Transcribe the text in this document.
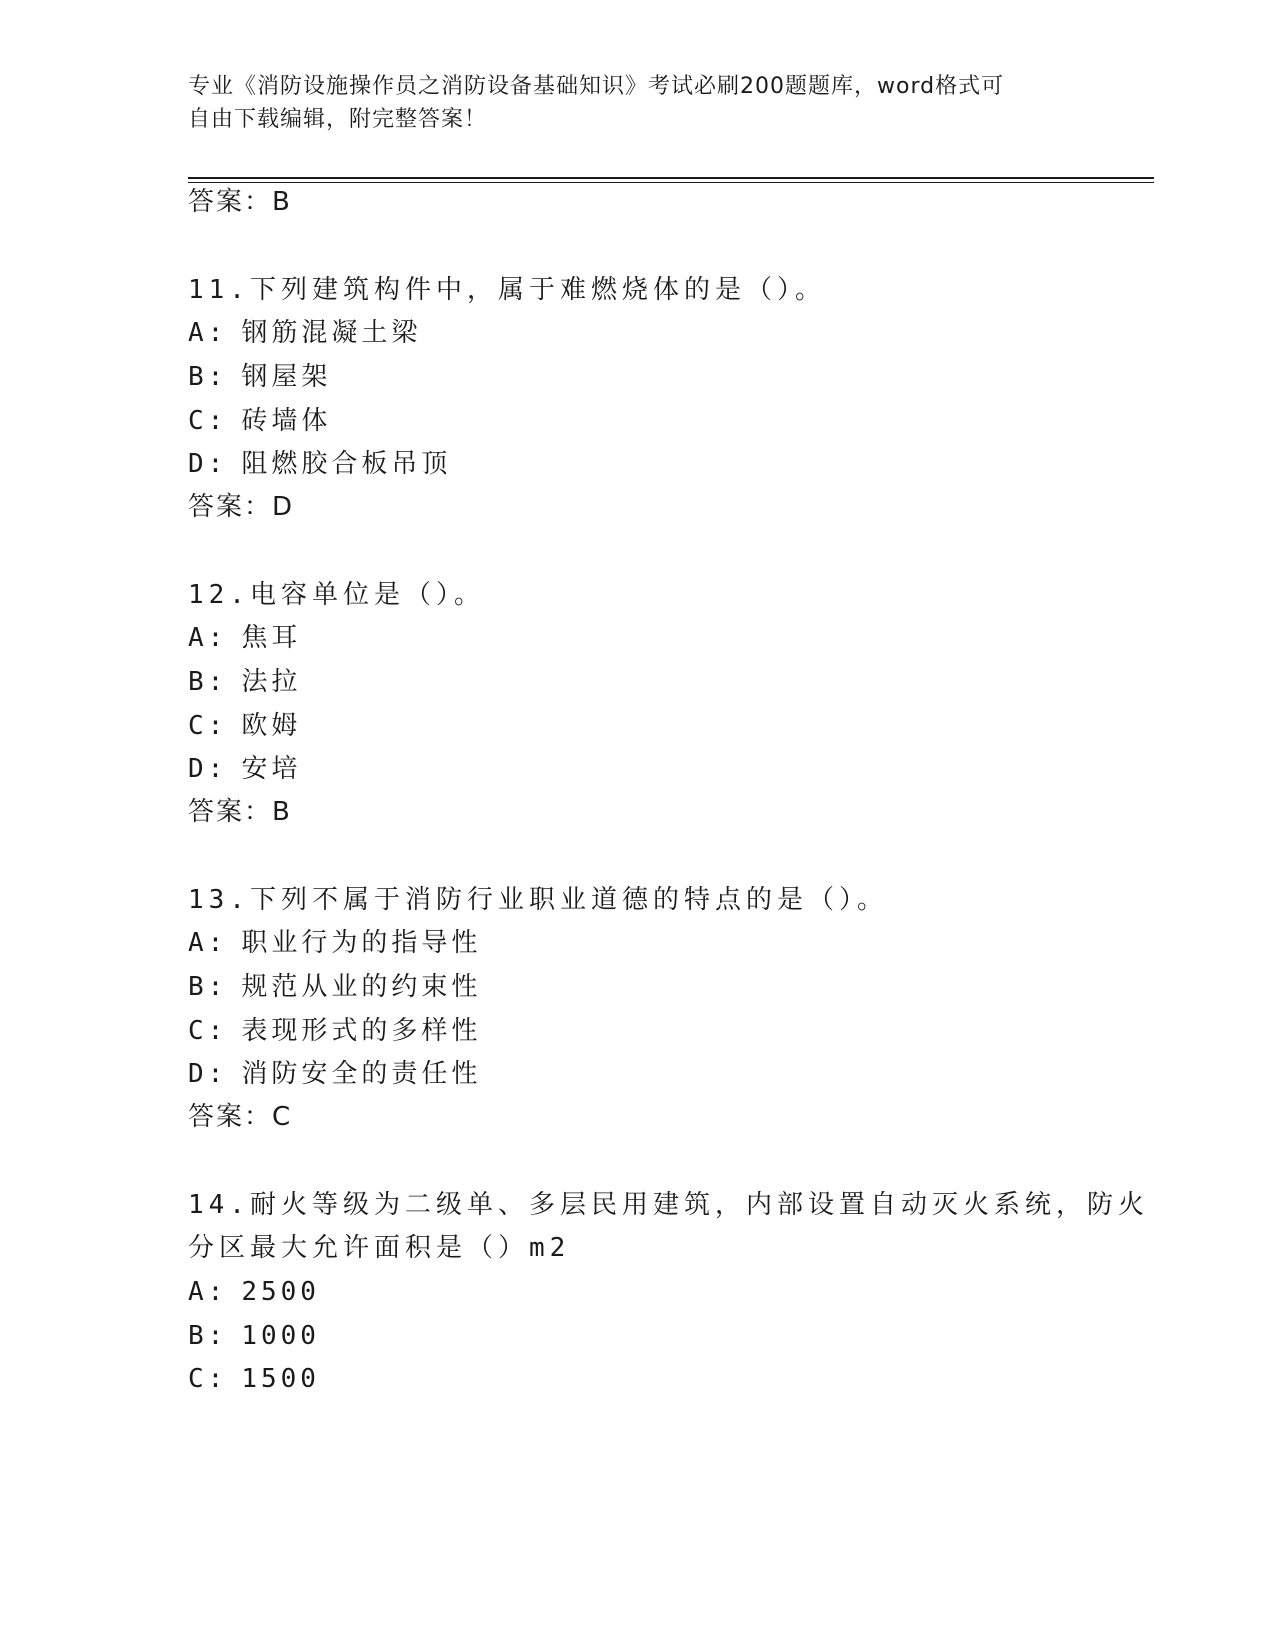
专业《消防设施操作员之消防设备基础知识》考试必刷200题题库，word格式可
自由下载编辑，附完整答案！
答案：B
11.下列建筑构件中，属于难燃烧体的是（）。
A: 钢筋混凝土梁
B: 钢屋架
C: 砖墙体
D: 阻燃胶合板吊顶
答案：D
12.电容单位是（）。
A: 焦耳
B: 法拉
C: 欧姆
D: 安培
答案：B
13.下列不属于消防行业职业道德的特点的是（）。
A: 职业行为的指导性
B: 规范从业的约束性
C: 表现形式的多样性
D: 消防安全的责任性
答案：C
14.耐火等级为二级单、多层民用建筑，内部设置自动灭火系统，防火
分区最大允许面积是（）m2
A: 2500
B: 1000
C: 1500
